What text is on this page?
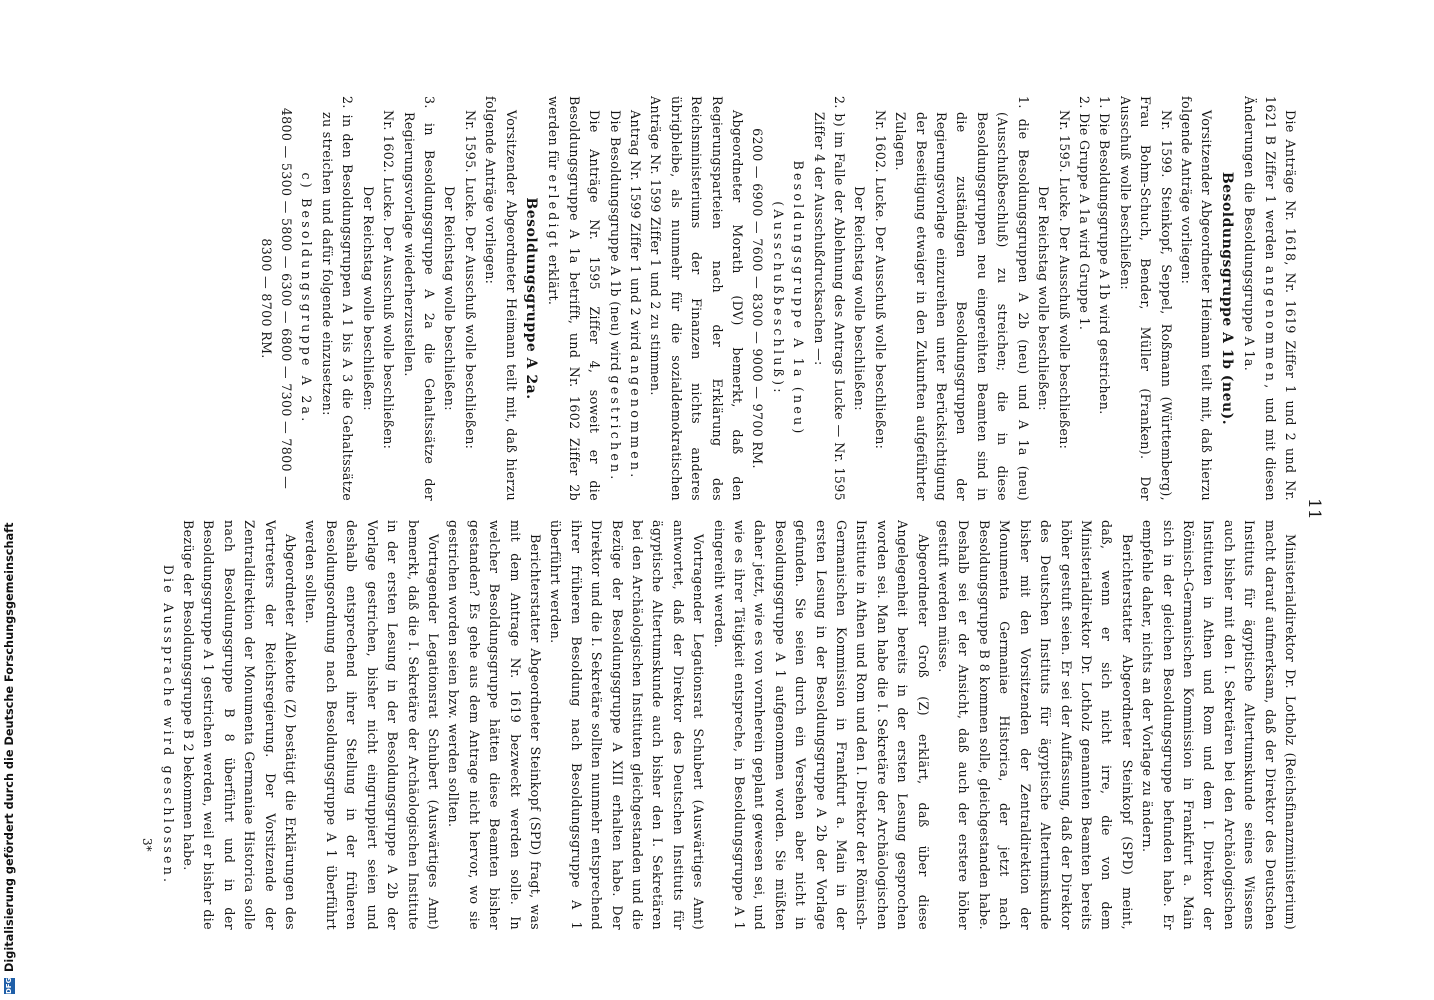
11

Die Anträge Nr. 1618, Nr. 1619 Ziffer 1 und 2 und Nr. 1621 B Ziffer 1 werden angenommen, und mit diesen Änderungen die Besoldungsgruppe A 1a.

Besoldungsgruppe A 1b (neu).

Vorsitzender Abgeordneter Heimann teilt mit, daß hierzu folgende Anträge vorliegen:

Nr. 1599. Steinkopf, Seppel, Roßmann (Württemberg), Frau Bohm-Schuch, Bender, Müller (Franken). Der Ausschuß wolle beschließen:

1. Die Besoldungsgruppe A 1b wird gestrichen.

2. Die Gruppe A 1a wird Gruppe 1.

Nr. 1595. Lucke. Der Ausschuß wolle beschließen:

Der Reichstag wolle beschließen:

1. die Besoldungsgruppen A 2b (neu) und A 1a (neu) (Ausschußbeschluß) zu streichen; die in diese Besoldungsgruppen neu eingereihten Beamten sind in die zuständigen Besoldungsgruppen der Regierungsvorlage einzureihen unter Berücksichtigung der Beseitigung etwaiger in den Zukunften aufgeführter Zulagen.

Nr. 1602. Lucke. Der Ausschuß wolle beschließen:

Der Reichstag wolle beschließen:

2. b) im Falle der Ablehnung des Antrags Lucke — Nr. 1595 Ziffer 4 der Ausschußdrucksachen —:

Besoldungsgruppe A 1a (neu) (Ausschußbeschluß):

6200 — 6900 — 7600 — 8300 — 9000 — 9700 RM.

Abgeordneter Morath (DV) bemerkt, daß den Regierungsparteien nach der Erklärung des Reichsministeriums der Finanzen nichts anderes übrigbleibe, als nunmehr für die sozialdemokratischen Anträge Nr. 1599 Ziffer 1 und 2 zu stimmen.

Antrag Nr. 1599 Ziffer 1 und 2 wird angenommen.

Die Besoldungsgruppe A 1b (neu) wird gestrichen.

Die Anträge Nr. 1595 Ziffer 4, soweit er die Besoldungsgruppe A 1a betrifft, und Nr. 1602 Ziffer 2b werden für erledigt erklärt.

Besoldungsgruppe A 2a.

Vorsitzender Abgeordneter Heimann teilt mit, daß hierzu folgende Anträge vorliegen:

Nr. 1595. Lucke. Der Ausschuß wolle beschließen:

Der Reichstag wolle beschließen:

3. in Besoldungsgruppe A 2a die Gehaltssätze der Regierungsvorlage wiederherzustellen.

Nr. 1602. Lucke. Der Ausschuß wolle beschließen:

Der Reichstag wolle beschließen:

2. in den Besoldungsgruppen A 1 bis A 3 die Gehaltssätze zu streichen und dafür folgende einzusetzen:

c) Besoldungsgruppe A 2a.

4800 — 5300 — 5800 — 6300 — 6800 — 7300 — 7800 — 8300 — 8700 RM.

Ministerialdirektor Dr. Lotholz (Reichsfinanzministerium) macht darauf aufmerksam, daß der Direktor des Deutschen Instituts für ägyptische Altertumskunde seines Wissens auch bisher mit den I. Sekretären bei den Archäologischen Instituten in Athen und Rom und dem I. Direktor der Römisch-Germanischen Kommission in Frankfurt a. Main sich in der gleichen Besoldungsgruppe befunden habe. Er empfehle daher, nichts an der Vorlage zu ändern.

Berichterstatter Abgeordneter Steinkopf (SPD) meint, daß, wenn er sich nicht irre, die von dem Ministerialdirektor Dr. Lotholz genannten Beamten bereits höher gestuft seien. Er sei der Auffassung, daß der Direktor des Deutschen Instituts für ägyptische Altertumskunde bisher mit den Vorsitzenden der Zentraldirektion der Monumenta Germaniae Historica, der jetzt nach Besoldungsgruppe B 8 kommen solle, gleichgestanden habe. Deshalb sei er der Ansicht, daß auch der erstere höher gestuft werden müsse.

Abgeordneter Groß (Z) erklärt, daß über diese Angelegenheit bereits in der ersten Lesung gesprochen worden sei. Man habe die I. Sekretäre der Archäologischen Institute in Athen und Rom und den I. Direktor der Römisch-Germanischen Kommission in Frankfurt a. Main in der ersten Lesung in der Besoldungsgruppe A 2b der Vorlage gefunden. Sie seien durch ein Versehen aber nicht in Besoldungsgruppe A 1 aufgenommen worden. Sie müßten daher jetzt, wie es von vornherein geplant gewesen sei, und wie es ihrer Tätigkeit entspreche, in Besoldungsgruppe A 1 eingereiht werden.

Vortragender Legationsrat Schubert (Auswärtiges Amt) antwortet, daß der Direktor des Deutschen Instituts für ägyptische Altertumskunde auch bisher den I. Sekretären bei den Archäologischen Instituten gleichgestanden und die Bezüge der Besoldungsgruppe A XIII erhalten habe. Der Direktor und die I. Sekretäre sollten nunmehr entsprechend ihrer früheren Besoldung nach Besoldungsgruppe A 1 überführt werden.

Berichterstatter Abgeordneter Steinkopf (SPD) fragt, was mit dem Antrage Nr. 1619 bezweckt werden solle. In welcher Besoldungsgruppe hätten diese Beamten bisher gestanden? Es gehe aus dem Antrage nicht hervor, wo sie gestrichen worden seien bzw. werden sollten.

Vortragender Legationsrat Schubert (Auswärtiges Amt) bemerkt, daß die I. Sekretäre der Archäologischen Institute in der ersten Lesung in der Besoldungsgruppe A 2b der Vorlage gestrichen, bisher nicht eingruppiert seien und deshalb entsprechend ihrer Stellung in der früheren Besoldungsordnung nach Besoldungsgruppe A 1 überführt werden sollten.

Abgeordneter Allekotte (Z) bestätigt die Erklärungen des Vertreters der Reichsregierung. Der Vorsitzende der Zentraldirektion der Monumenta Germaniae Historica solle nach Besoldungsgruppe B 8 überführt und in der Besoldungsgruppe A 1 gestrichen werden, weil er bisher die Bezüge der Besoldungsgruppe B 2 bekommen habe.

Die Aussprache wird geschlossen.

3*
DFG
Digitalisierung gefördert durch die Deutsche Forschungsgemeinschaft
